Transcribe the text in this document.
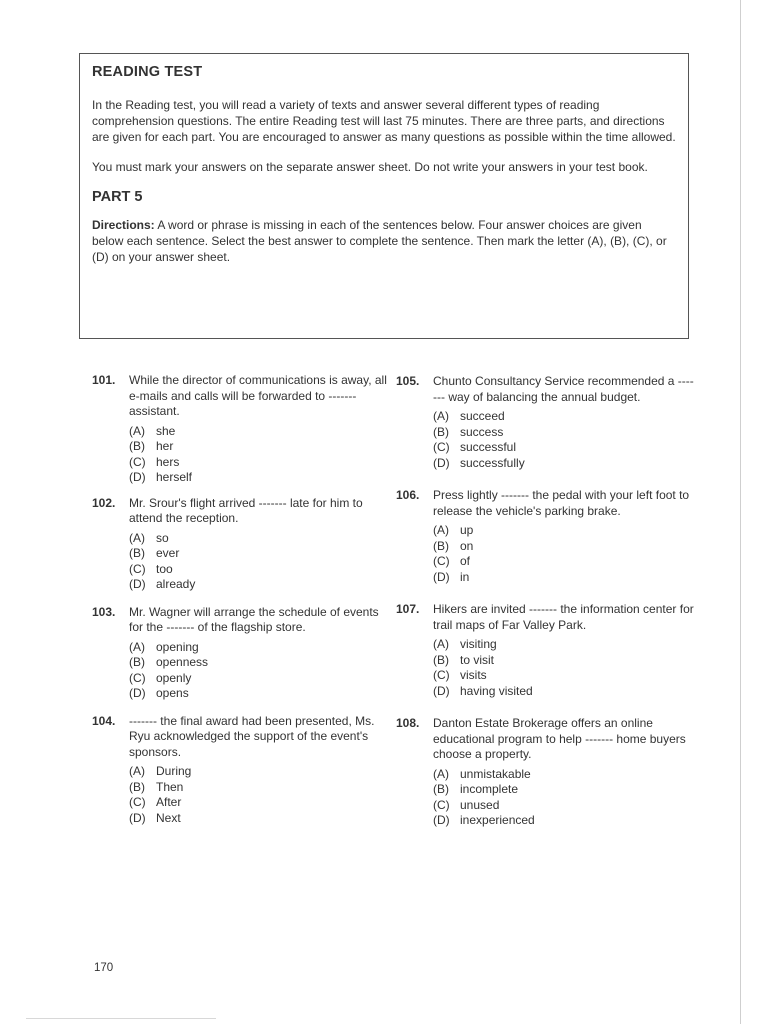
READING TEST

In the Reading test, you will read a variety of texts and answer several different types of reading comprehension questions. The entire Reading test will last 75 minutes. There are three parts, and directions are given for each part. You are encouraged to answer as many questions as possible within the time allowed.

You must mark your answers on the separate answer sheet. Do not write your answers in your test book.

PART 5

Directions: A word or phrase is missing in each of the sentences below. Four answer choices are given below each sentence. Select the best answer to complete the sentence. Then mark the letter (A), (B), (C), or (D) on your answer sheet.

101. While the director of communications is away, all e-mails and calls will be forwarded to ------- assistant.
(A) she
(B) her
(C) hers
(D) herself
102. Mr. Srour's flight arrived ------- late for him to attend the reception.
(A) so
(B) ever
(C) too
(D) already
103. Mr. Wagner will arrange the schedule of events for the ------- of the flagship store.
(A) opening
(B) openness
(C) openly
(D) opens
104. ------- the final award had been presented, Ms. Ryu acknowledged the support of the event's sponsors.
(A) During
(B) Then
(C) After
(D) Next
105. Chunto Consultancy Service recommended a ------- way of balancing the annual budget.
(A) succeed
(B) success
(C) successful
(D) successfully
106. Press lightly ------- the pedal with your left foot to release the vehicle's parking brake.
(A) up
(B) on
(C) of
(D) in
107. Hikers are invited ------- the information center for trail maps of Far Valley Park.
(A) visiting
(B) to visit
(C) visits
(D) having visited
108. Danton Estate Brokerage offers an online educational program to help ------- home buyers choose a property.
(A) unmistakable
(B) incomplete
(C) unused
(D) inexperienced
170
